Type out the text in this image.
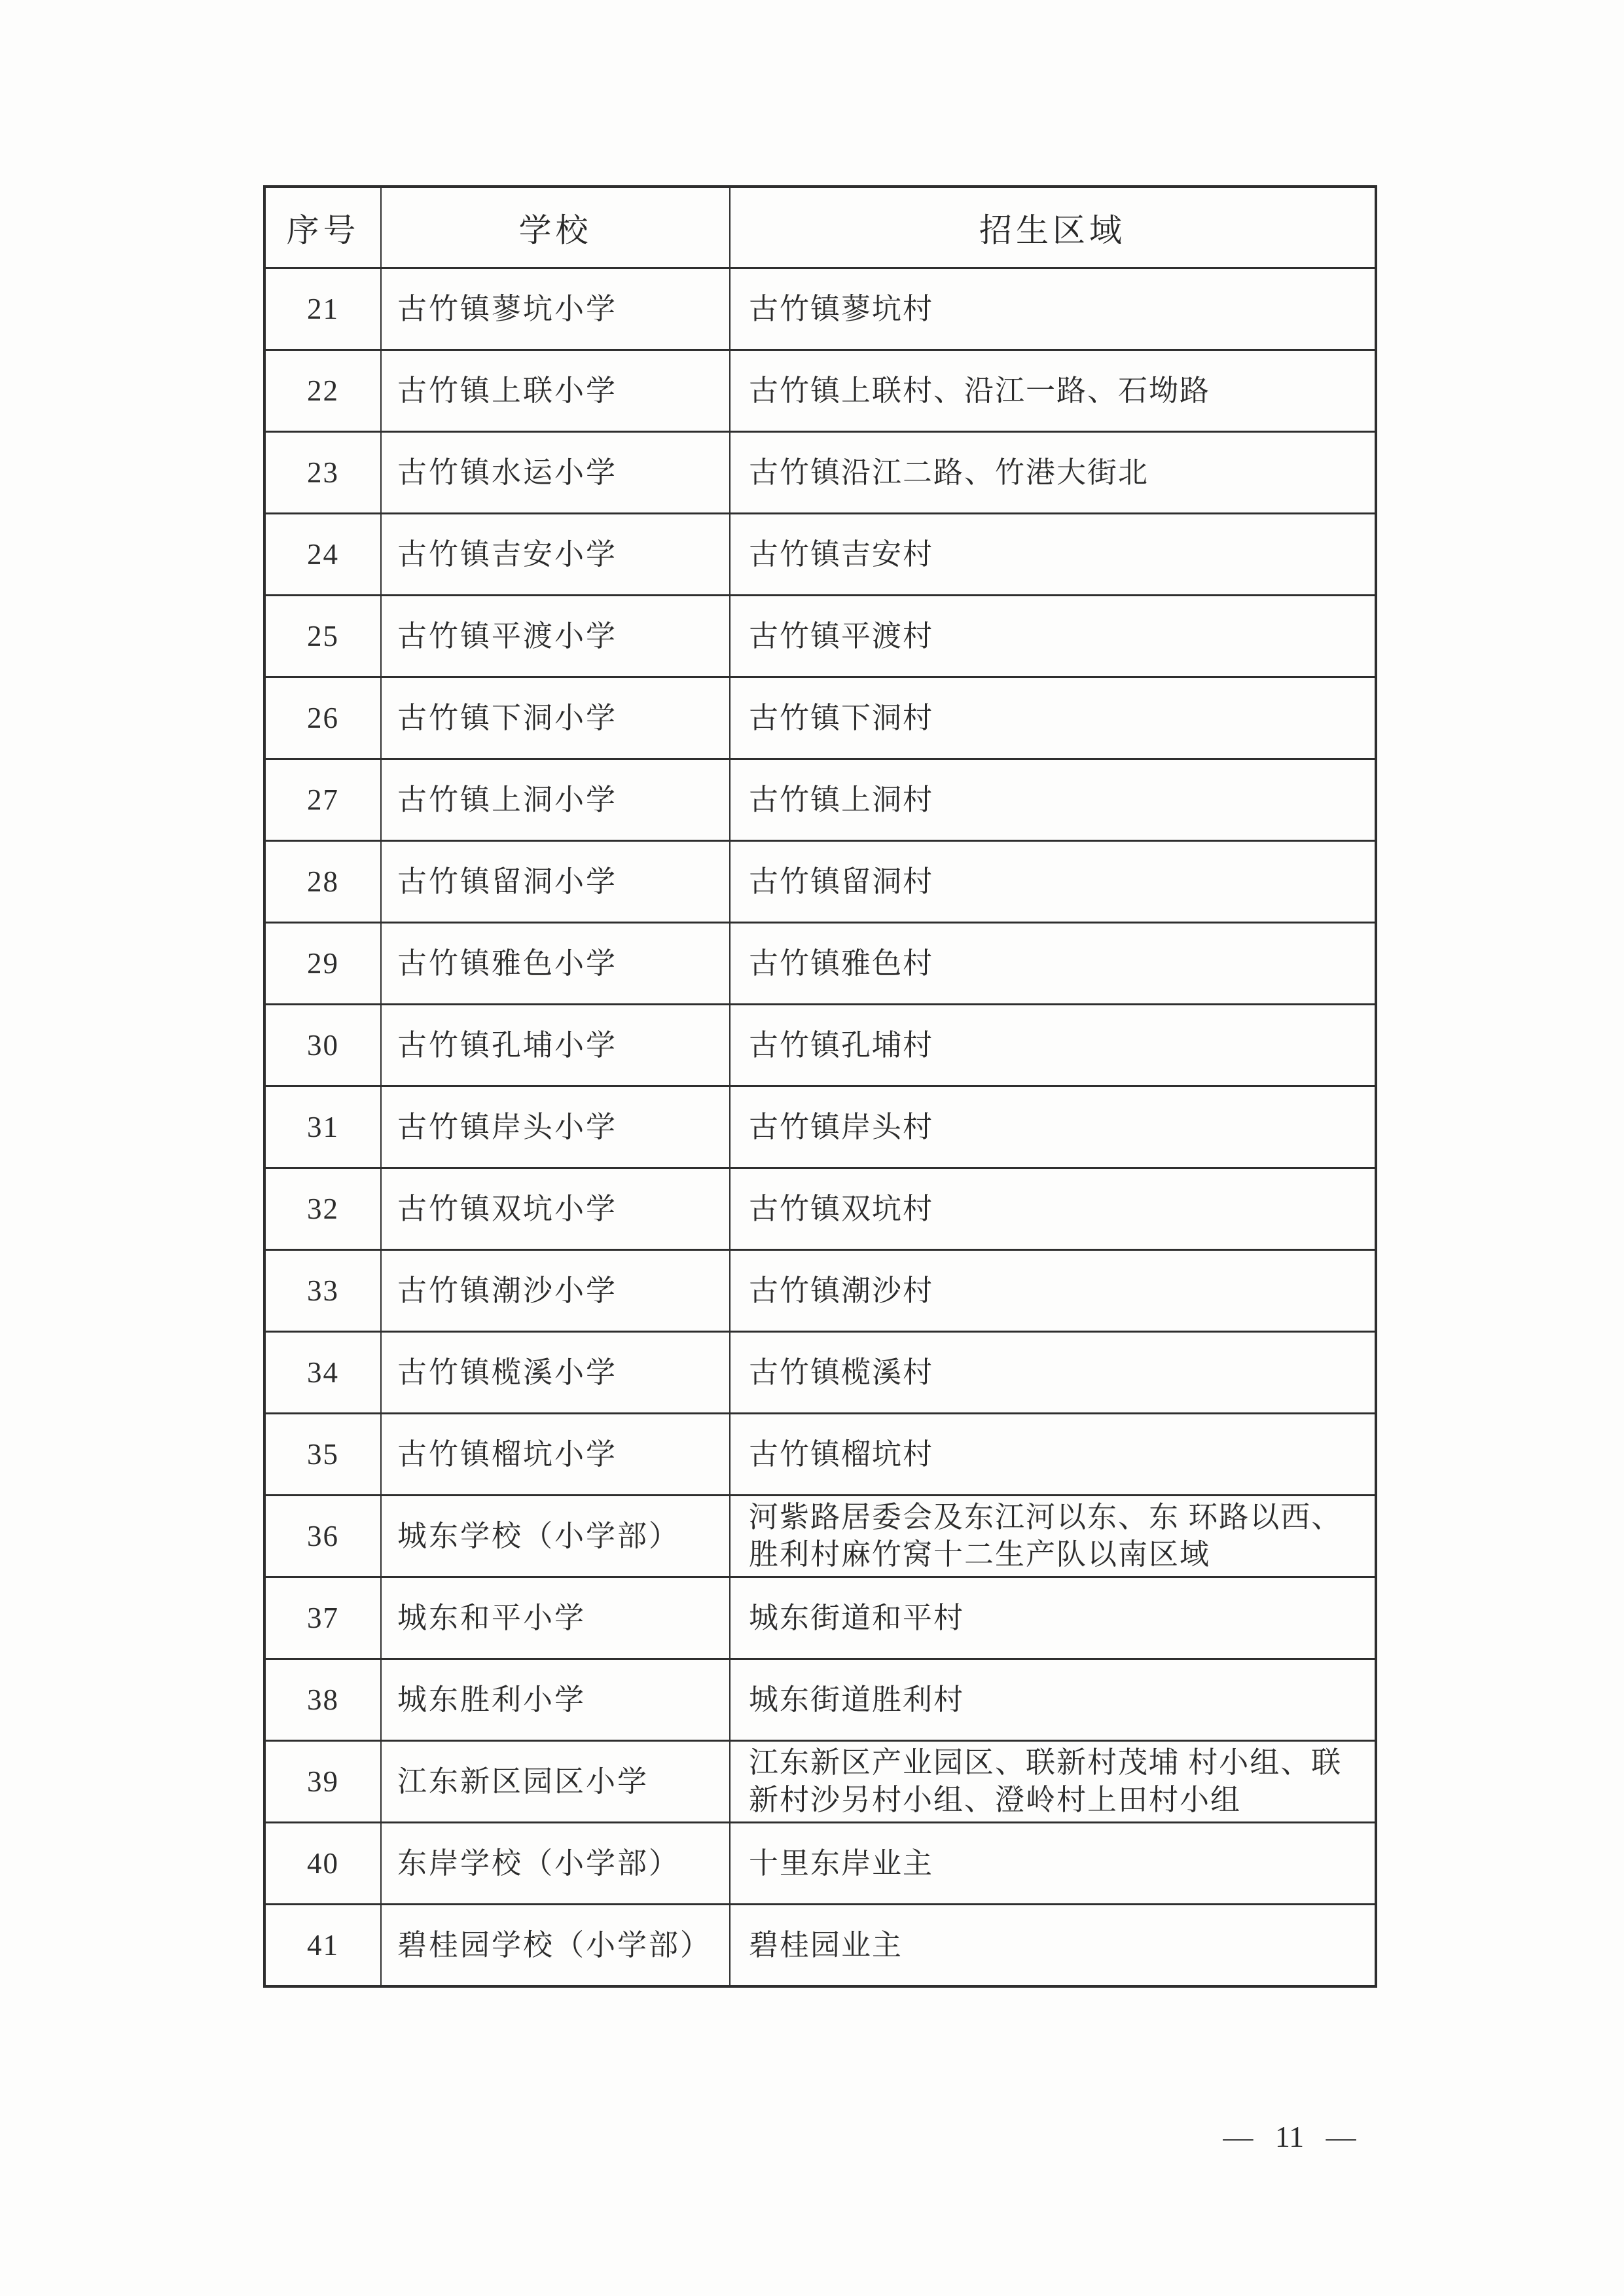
序号	学校	招生区域
21	古竹镇蓼坑小学	古竹镇蓼坑村
22	古竹镇上联小学	古竹镇上联村、沿江一路、石坳路
23	古竹镇水运小学	古竹镇沿江二路、竹港大街北
24	古竹镇吉安小学	古竹镇吉安村
25	古竹镇平渡小学	古竹镇平渡村
26	古竹镇下洞小学	古竹镇下洞村
27	古竹镇上洞小学	古竹镇上洞村
28	古竹镇留洞小学	古竹镇留洞村
29	古竹镇雅色小学	古竹镇雅色村
30	古竹镇孔埔小学	古竹镇孔埔村
31	古竹镇岸头小学	古竹镇岸头村
32	古竹镇双坑小学	古竹镇双坑村
33	古竹镇潮沙小学	古竹镇潮沙村
34	古竹镇榄溪小学	古竹镇榄溪村
35	古竹镇榴坑小学	古竹镇榴坑村
36	城东学校（小学部）	河紫路居委会及东江河以东、东 环路以西、胜利村麻竹窝十二生产队以南区域
37	城东和平小学	城东街道和平村
38	城东胜利小学	城东街道胜利村
39	江东新区园区小学	江东新区产业园区、联新村茂埔 村小组、联新村沙另村小组、澄岭村上田村小组
40	东岸学校（小学部）	十里东岸业主
41	碧桂园学校（小学部）	碧桂园业主
— 11 —
